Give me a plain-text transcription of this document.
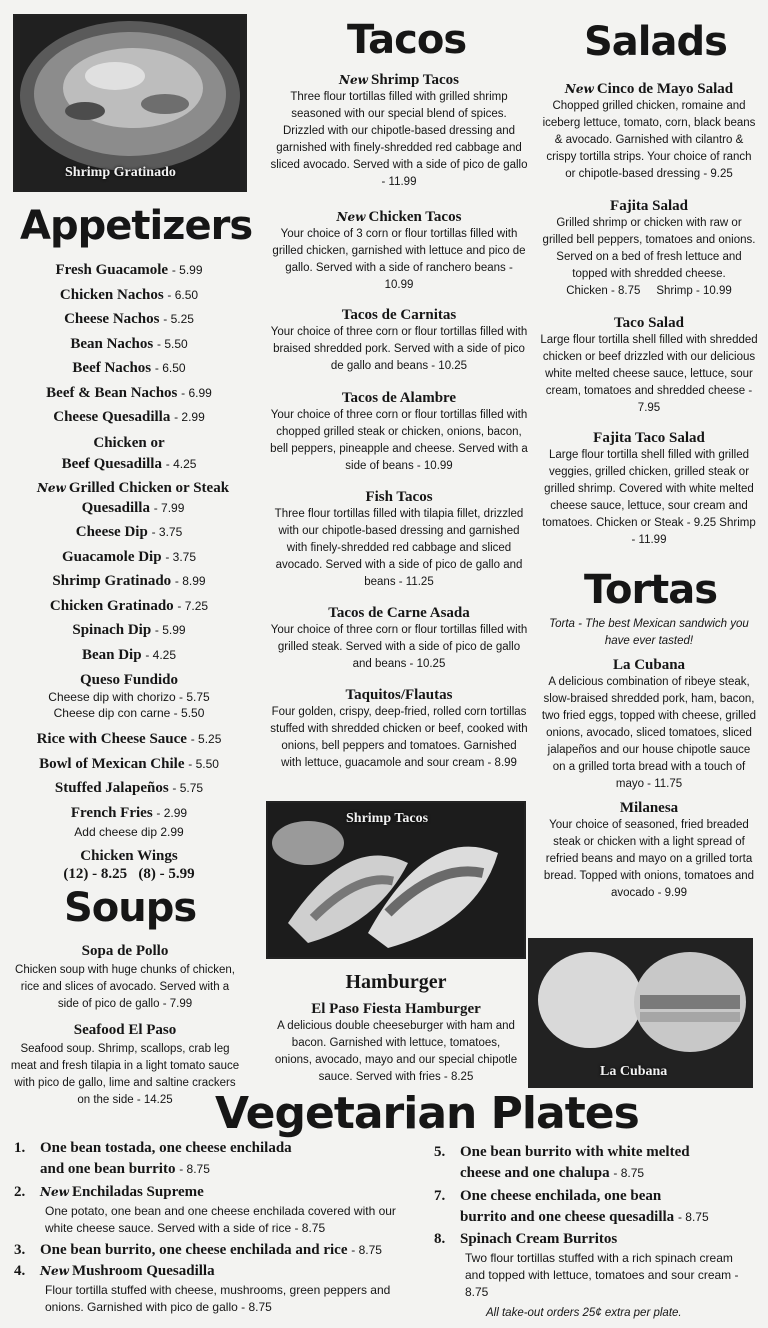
Shrimp Gratinado
Shrimp Tacos
La Cubana
Appetizers
Fresh Guacamole - 5.99
Chicken Nachos - 6.50
Cheese Nachos - 5.25
Bean Nachos - 5.50
Beef Nachos - 6.50
Beef & Bean Nachos - 6.99
Cheese Quesadilla - 2.99
Chicken or
Beef Quesadilla - 4.25
New Grilled Chicken or Steak
Quesadilla - 7.99
Cheese Dip - 3.75
Guacamole Dip - 3.75
Shrimp Gratinado - 8.99
Chicken Gratinado - 7.25
Spinach Dip - 5.99
Bean Dip - 4.25
Queso Fundido
Cheese dip with chorizo - 5.75
Cheese dip con carne - 5.50
Rice with Cheese Sauce - 5.25
Bowl of Mexican Chile - 5.50
Stuffed Jalapeños - 5.75
French Fries - 2.99
Add cheese dip 2.99
Chicken Wings
(12) - 8.25   (8) - 5.99
Soups
Sopa de Pollo
Chicken soup with huge chunks of chicken, rice and slices of avocado. Served with a side of pico de gallo - 7.99
Seafood El Paso
Seafood soup. Shrimp, scallops, crab leg meat and fresh tilapia in a light tomato sauce with pico de gallo, lime and saltine crackers on the side - 14.25
Tacos
New Shrimp Tacos
Three flour tortillas filled with grilled shrimp seasoned with our special blend of spices. Drizzled with our chipotle-based dressing and garnished with finely-shredded red cabbage and sliced avocado. Served with a side of pico de gallo - 11.99
New Chicken Tacos
Your choice of 3 corn or flour tortillas filled with grilled chicken, garnished with lettuce and pico de gallo. Served with a side of ranchero beans - 10.99
Tacos de Carnitas
Your choice of three corn or flour tortillas filled with braised shredded pork. Served with a side of pico de gallo and beans - 10.25
Tacos de Alambre
Your choice of three corn or flour tortillas filled with chopped grilled steak or chicken, onions, bacon, bell peppers, pineapple and cheese. Served with a side of beans - 10.99
Fish Tacos
Three flour tortillas filled with tilapia fillet, drizzled with our chipotle-based dressing and garnished with finely-shredded red cabbage and sliced avocado. Served with a side of pico de gallo and beans - 11.25
Tacos de Carne Asada
Your choice of three corn or flour tortillas filled with grilled steak. Served with a side of pico de gallo and beans - 10.25
Taquitos/Flautas
Four golden, crispy, deep-fried, rolled corn tortillas stuffed with shredded chicken or beef, cooked with onions, bell peppers and tomatoes. Garnished with lettuce, guacamole and sour cream - 8.99
Hamburger
El Paso Fiesta Hamburger
A delicious double cheeseburger with ham and bacon. Garnished with lettuce, tomatoes, onions, avocado, mayo and our special chipotle sauce. Served with fries - 8.25
Salads
New Cinco de Mayo Salad
Chopped grilled chicken, romaine and iceberg lettuce, tomato, corn, black beans & avocado. Garnished with cilantro & crispy tortilla strips. Your choice of ranch or chipotle-based dressing - 9.25
Fajita Salad
Grilled shrimp or chicken with raw or grilled bell peppers, tomatoes and onions. Served on a bed of fresh lettuce and topped with shredded cheese.
Chicken - 8.75     Shrimp - 10.99
Taco Salad
Large flour tortilla shell filled with shredded chicken or beef drizzled with our delicious white melted cheese sauce, lettuce, sour cream, tomatoes and shredded cheese - 7.95
Fajita Taco Salad
Large flour tortilla shell filled with grilled veggies, grilled chicken, grilled steak or grilled shrimp. Covered with white melted cheese sauce, lettuce, sour cream and tomatoes. Chicken or Steak - 9.25 Shrimp - 11.99
Tortas
Torta - The best Mexican sandwich you have ever tasted!
La Cubana
A delicious combination of ribeye steak, slow-braised shredded pork, ham, bacon, two fried eggs, topped with cheese, grilled onions, avocado, sliced tomatoes, sliced jalapeños and our house chipotle sauce on a grilled torta bread with a touch of mayo - 11.75
Milanesa
Your choice of seasoned, fried breaded steak or chicken with a light spread of refried beans and mayo on a grilled torta bread. Topped with onions, tomatoes and avocado - 9.99
Vegetarian Plates
1. One bean tostada, one cheese enchilada
and one bean burrito - 8.75
2. New Enchiladas Supreme
One potato, one bean and one cheese enchilada covered with our white cheese sauce. Served with a side of rice - 8.75
3. One bean burrito, one cheese enchilada and rice - 8.75
4. New Mushroom Quesadilla
Flour tortilla stuffed with cheese, mushrooms, green peppers and onions. Garnished with pico de gallo - 8.75
5. One bean burrito with white melted
cheese and one chalupa - 8.75
7. One cheese enchilada, one bean
burrito and one cheese quesadilla - 8.75
8. Spinach Cream Burritos
Two flour tortillas stuffed with a rich spinach cream and topped with lettuce, tomatoes and sour cream - 8.75
All take-out orders 25¢ extra per plate.
